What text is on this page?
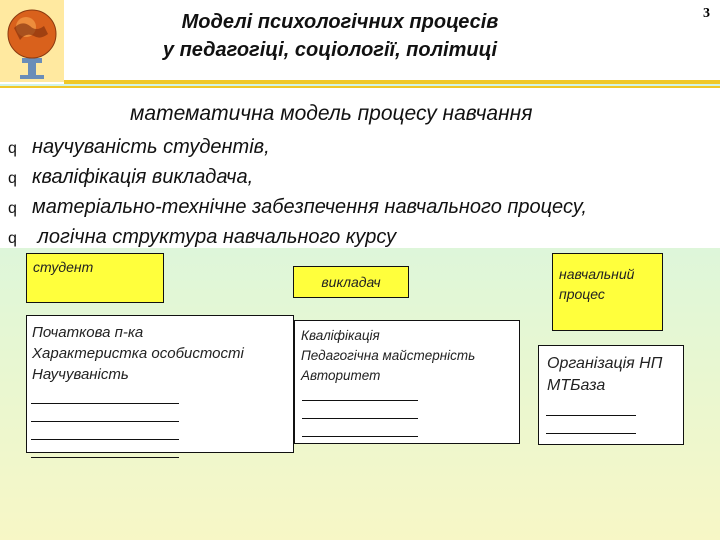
Моделі психологічних процесів
у педагогіці, соціології, політиці
3
математична модель процесу навчання
q научуваність студентів,
q кваліфікація викладача,
q матеріально-технічне забезпечення навчального процесу,
q логічна структура навчального курсу
студент
викладач	навчальний процес
Початкова п-ка
Характеристка особистості
Научуваність
Кваліфікація
Педагогічна майстерність
Авторитет
Організація НП
МТБаза
